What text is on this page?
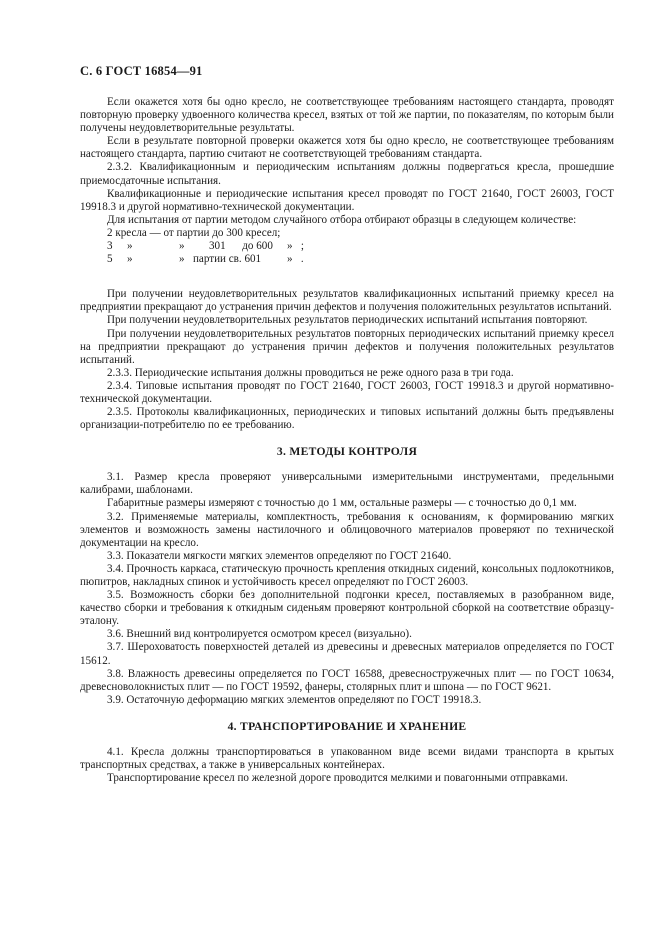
С. 6 ГОСТ 16854—91

Если окажется хотя бы одно кресло, не соответствующее требованиям настоящего стандарта, проводят повторную проверку удвоенного количества кресел, взятых от той же партии, по показателям, по которым были получены неудовлетворительные результаты.

Если в результате повторной проверки окажется хотя бы одно кресло, не соответствующее требованиям настоящего стандарта, партию считают не соответствующей требованиям стандарта.

2.3.2. Квалификационным и периодическим испытаниям должны подвергаться кресла, прошедшие приемосдаточные испытания.

Квалификационные и периодические испытания кресел проводят по ГОСТ 21640, ГОСТ 26003, ГОСТ 19918.3 и другой нормативно-технической документации.

Для испытания от партии методом случайного отбора отбирают образцы в следующем количестве:

2 кресла — от партии до 300 кресел;
3 »	» 301      до 600 »   ;
5 »	» партии св. 601 »   .

При получении неудовлетворительных результатов квалификационных испытаний приемку кресел на предприятии прекращают до устранения причин дефектов и получения положительных результатов испытаний.

При получении неудовлетворительных результатов периодических испытаний испытания повторяют.

При получении неудовлетворительных результатов повторных периодических испытаний приемку кресел на предприятии прекращают до устранения причин дефектов и получения положительных результатов испытаний.

2.3.3. Периодические испытания должны проводиться не реже одного раза в три года.

2.3.4. Типовые испытания проводят по ГОСТ 21640, ГОСТ 26003, ГОСТ 19918.3 и другой нормативно-технической документации.

2.3.5. Протоколы квалификационных, периодических и типовых испытаний должны быть предъявлены организации-потребителю по ее требованию.

3. МЕТОДЫ КОНТРОЛЯ

3.1. Размер кресла проверяют универсальными измерительными инструментами, предельными калибрами, шаблонами.

Габаритные размеры измеряют с точностью до 1 мм, остальные размеры — с точностью до 0,1 мм.

3.2. Применяемые материалы, комплектность, требования к основаниям, к формированию мягких элементов и возможность замены настилочного и облицовочного материалов проверяют по технической документации на кресло.

3.3. Показатели мягкости мягких элементов определяют по ГОСТ 21640.

3.4. Прочность каркаса, статическую прочность крепления откидных сидений, консольных подлокотников, пюпитров, накладных спинок и устойчивость кресел определяют по ГОСТ 26003.

3.5. Возможность сборки без дополнительной подгонки кресел, поставляемых в разобранном виде, качество сборки и требования к откидным сиденьям проверяют контрольной сборкой на соответствие образцу-эталону.

3.6. Внешний вид контролируется осмотром кресел (визуально).

3.7. Шероховатость поверхностей деталей из древесины и древесных материалов определяется по ГОСТ 15612.

3.8. Влажность древесины определяется по ГОСТ 16588, древесностружечных плит — по ГОСТ 10634, древесноволокнистых плит — по ГОСТ 19592, фанеры, столярных плит и шпона — по ГОСТ 9621.

3.9. Остаточную деформацию мягких элементов определяют по ГОСТ 19918.3.

4. ТРАНСПОРТИРОВАНИЕ И ХРАНЕНИЕ

4.1. Кресла должны транспортироваться в упакованном виде всеми видами транспорта в крытых транспортных средствах, а также в универсальных контейнерах.

Транспортирование кресел по железной дороге проводится мелкими и повагонными отправками.
